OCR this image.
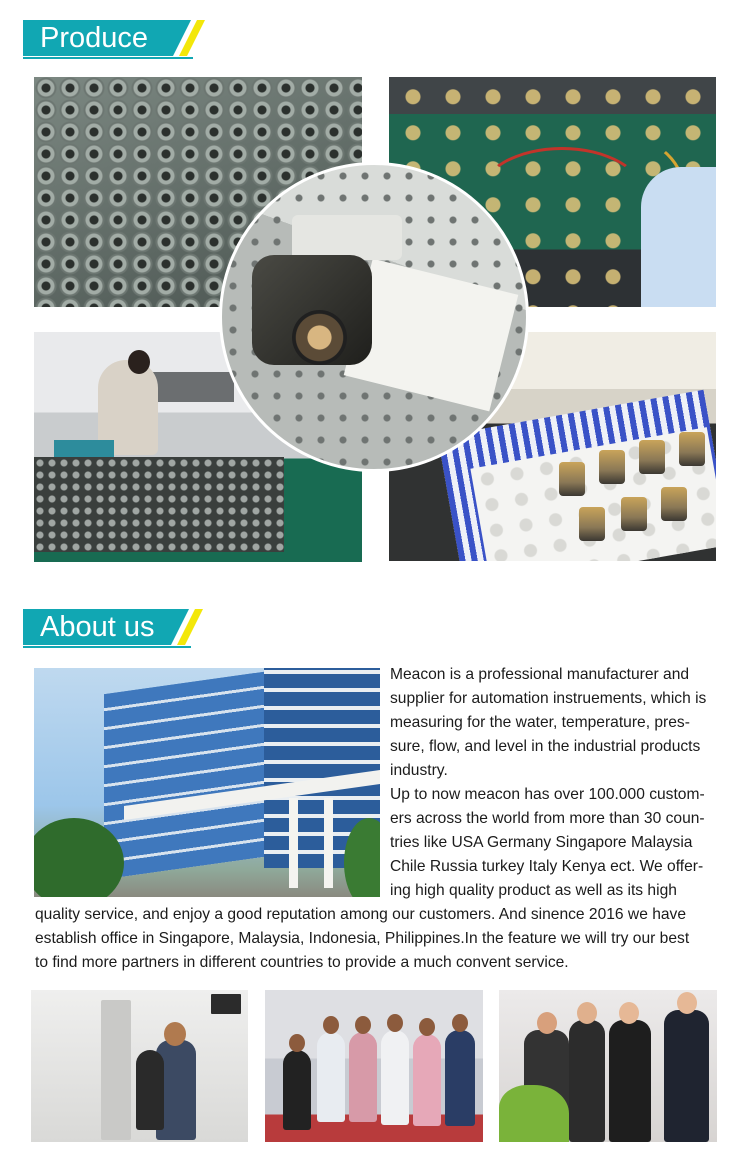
Produce
About us

Meacon is a professional manufacturer and

supplier for automation instruements, which is

measuring for the water, temperature, pres-

sure, flow, and level in the industrial products

industry.

Up to now meacon has over 100.000 custom-

ers across the world from more than 30 coun-

tries like USA Germany Singapore Malaysia

Chile Russia turkey Italy Kenya ect. We offer-

ing high quality product as well as its high

quality service, and enjoy a good reputation among our customers. And sinence 2016 we have

establish office in Singapore, Malaysia, Indonesia, Philippines.In the feature we will try our best

to find more partners in different countries to provide a much convent service.
